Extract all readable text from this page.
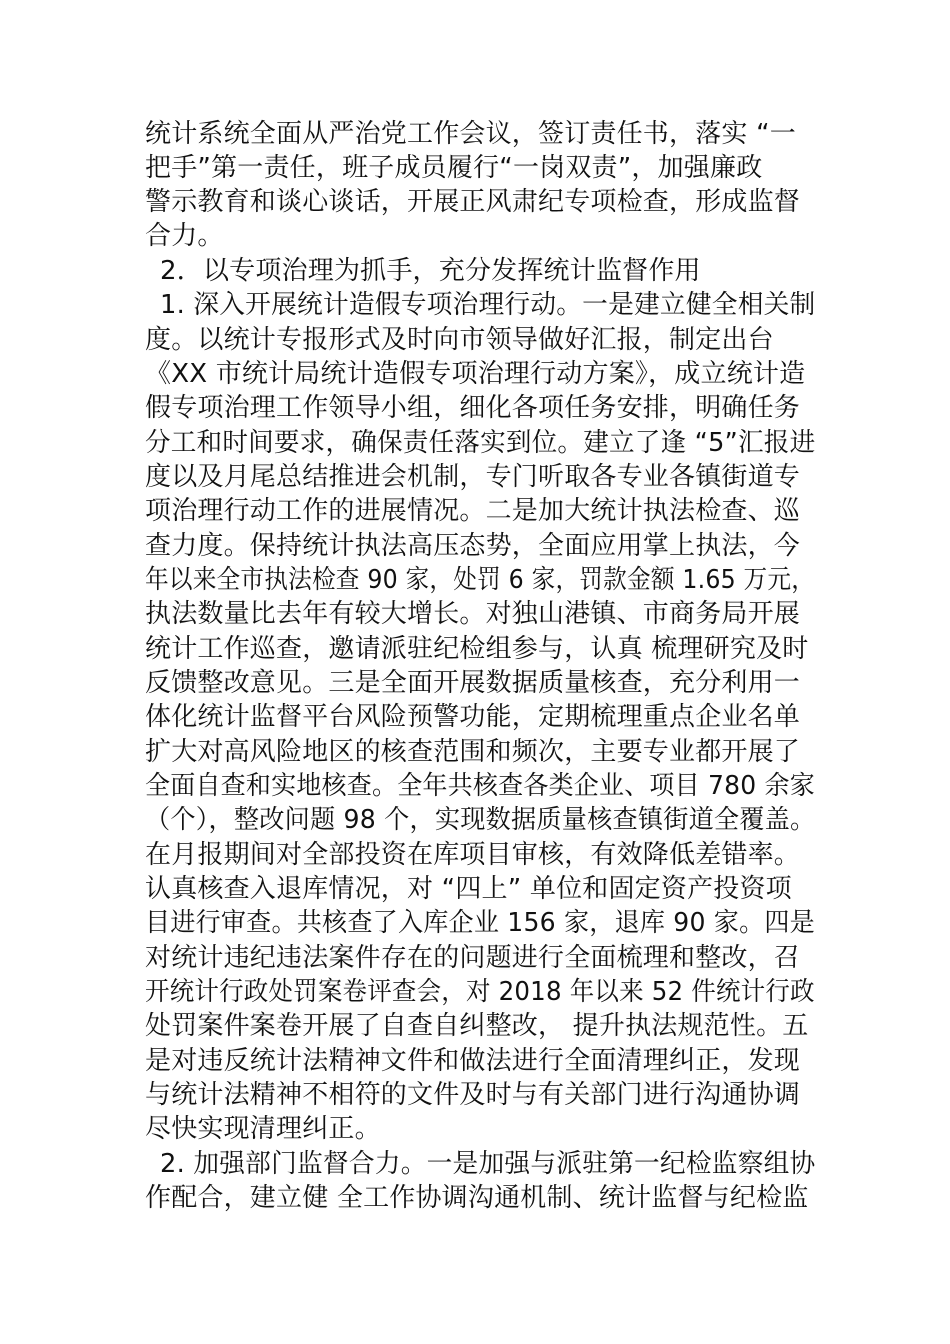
统计系统全面从严治党工作会议，签订责任书，落实 “一
把手”第一责任，班子成员履行“一岗双责”，加强廉政
警示教育和谈心谈话，开展正风肃纪专项检查，形成监督
合力。
2．以专项治理为抓手，充分发挥统计监督作用
1. 深入开展统计造假专项治理行动。一是建立健全相关制
度。以统计专报形式及时向市领导做好汇报，制定出台
《XX 市统计局统计造假专项治理行动方案》，成立统计造
假专项治理工作领导小组，细化各项任务安排，明确任务
分工和时间要求，确保责任落实到位。建立了逢 “5”汇报进
度以及月尾总结推进会机制，专门听取各专业各镇街道专
项治理行动工作的进展情况。二是加大统计执法检查、巡
查力度。保持统计执法高压态势，全面应用掌上执法，今
年以来全市执法检查 90 家，处罚 6 家，罚款金额 1.65 万元，
执法数量比去年有较大增长。对独山港镇、市商务局开展
统计工作巡查，邀请派驻纪检组参与，认真 梳理研究及时
反馈整改意见。三是全面开展数据质量核查，充分利用一
体化统计监督平台风险预警功能，定期梳理重点企业名单
扩大对高风险地区的核查范围和频次，主要专业都开展了
全面自查和实地核查。全年共核查各类企业、项目 780 余家
（个），整改问题 98 个，实现数据质量核查镇街道全覆盖。
在月报期间对全部投资在库项目审核，有效降低差错率。
认真核查入退库情况，对 “四上” 单位和固定资产投资项
目进行审查。共核查了入库企业 156 家，退库 90 家。四是
对统计违纪违法案件存在的问题进行全面梳理和整改，召
开统计行政处罚案卷评查会，对 2018 年以来 52 件统计行政
处罚案件案卷开展了自查自纠整改， 提升执法规范性。五
是对违反统计法精神文件和做法进行全面清理纠正，发现
与统计法精神不相符的文件及时与有关部门进行沟通协调
尽快实现清理纠正。
2. 加强部门监督合力。一是加强与派驻第一纪检监察组协
作配合，建立健 全工作协调沟通机制、统计监督与纪检监
